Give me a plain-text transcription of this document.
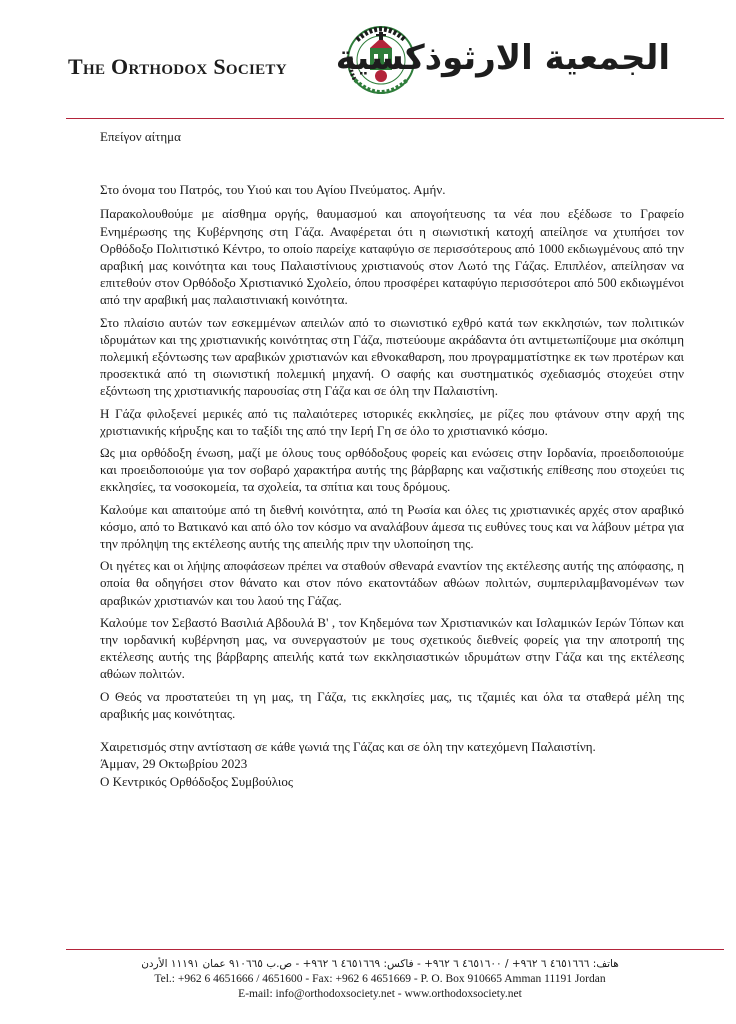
The Orthodox Society الجمعية الارثوذكسية

Επείγον αίτημα

Στο όνομα του Πατρός, του Υιού και του Αγίου Πνεύματος. Αμήν.

Παρακολουθούμε με αίσθημα οργής, θαυμασμού και απογοήτευσης τα νέα που εξέδωσε το Γραφείο Ενημέρωσης της Κυβέρνησης στη Γάζα. Αναφέρεται ότι η σιωνιστική κατοχή απείλησε να χτυπήσει τον Ορθόδοξο Πολιτιστικό Κέντρο, το οποίο παρείχε καταφύγιο σε περισσότερους από 1000 εκδιωγμένους από την αραβική μας κοινότητα και τους Παλαιστίνιους χριστιανούς στον Λωτό της Γάζας. Επιπλέον, απείλησαν να επιτεθούν στον Ορθόδοξο Χριστιανικό Σχολείο, όπου προσφέρει καταφύγιο περισσότεροι από 500 εκδιωγμένοι από την αραβική μας παλαιστινιακή κοινότητα.

Στο πλαίσιο αυτών των εσκεμμένων απειλών από το σιωνιστικό εχθρό κατά των εκκλησιών, των πολιτικών ιδρυμάτων και της χριστιανικής κοινότητας στη Γάζα, πιστεύουμε ακράδαντα ότι αντιμετωπίζουμε μια σκόπιμη πολεμική εξόντωσης των αραβικών χριστιανών και εθνοκαθαρση, που προγραμματίστηκε εκ των προτέρων και προσεκτικά από τη σιωνιστική πολεμική μηχανή. Ο σαφής και συστηματικός σχεδιασμός στοχεύει στην εξόντωση της χριστιανικής παρουσίας στη Γάζα και σε όλη την Παλαιστίνη.

Η Γάζα φιλοξενεί μερικές από τις παλαιότερες ιστορικές εκκλησίες, με ρίζες που φτάνουν στην αρχή της χριστιανικής κήρυξης και το ταξίδι της από την Ιερή Γη σε όλο το χριστιανικό κόσμο.

Ως μια ορθόδοξη ένωση, μαζί με όλους τους ορθόδοξους φορείς και ενώσεις στην Ιορδανία, προειδοποιούμε και προειδοποιούμε για τον σοβαρό χαρακτήρα αυτής της βάρβαρης και ναζιστικής επίθεσης που στοχεύει τις εκκλησίες, τα νοσοκομεία, τα σχολεία, τα σπίτια και τους δρόμους.

Καλούμε και απαιτούμε από τη διεθνή κοινότητα, από τη Ρωσία και όλες τις χριστιανικές αρχές στον αραβικό κόσμο, από το Βατικανό και από όλο τον κόσμο να αναλάβουν άμεσα τις ευθύνες τους και να λάβουν μέτρα για την πρόληψη της εκτέλεσης αυτής της απειλής πριν την υλοποίηση της.

Οι ηγέτες και οι λήψης αποφάσεων πρέπει να σταθούν σθεναρά εναντίον της εκτέλεσης αυτής της απόφασης, η οποία θα οδηγήσει στον θάνατο και στον πόνο εκατοντάδων αθώων πολιτών, συμπεριλαμβανομένων των αραβικών χριστιανών και του λαού της Γάζας.

Καλούμε τον Σεβαστό Βασιλιά Αβδουλά Β' , τον Κηδεμόνα των Χριστιανικών και Ισλαμικών Ιερών Τόπων και την ιορδανική κυβέρνηση μας, να συνεργαστούν με τους σχετικούς διεθνείς φορείς για την αποτροπή της εκτέλεσης αυτής της βάρβαρης απειλής κατά των εκκλησιαστικών ιδρυμάτων στην Γάζα και της εκτέλεσης αθώων πολιτών.

Ο Θεός να προστατεύει τη γη μας, τη Γάζα, τις εκκλησίες μας, τις τζαμιές και όλα τα σταθερά μέλη της αραβικής μας κοινότητας.

Χαιρετισμός στην αντίσταση σε κάθε γωνιά της Γάζας και σε όλη την κατεχόμενη Παλαιστίνη.

Άμμαν, 29 Οκτωβρίου 2023

Ο Κεντρικός Ορθόδοξος Συμβούλιος

هاتف: ٤٦٥١٦٦٦ ٦ ٩٦٢+ / ٤٦٥١٦٠٠ ٦ ٩٦٢+ - فاكس: ٤٦٥١٦٦٩ ٦ ٩٦٢+ - ص.ب ٩١٠٦٦٥ عمان ١١١٩١ الأردن
Tel.: +962 6 4651666 / 4651600 - Fax: +962 6 4651669 - P. O. Box 910665 Amman 11191 Jordan
E-mail: info@orthodoxsociety.net - www.orthodoxsociety.net
